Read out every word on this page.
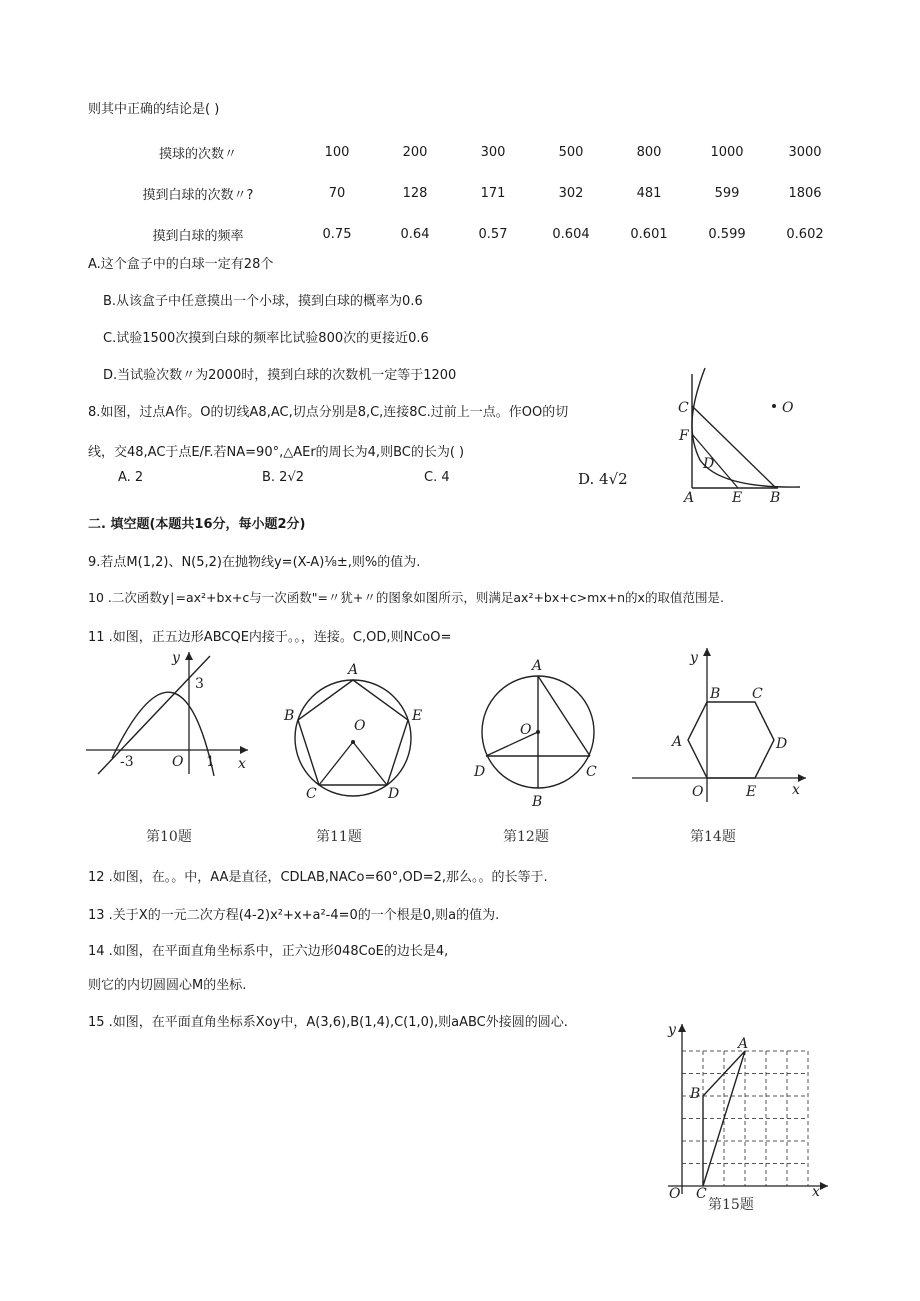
则其中正确的结论是( )
摸球的次数〃	100	200	300	500	800	1000	3000
摸到白球的次数〃?	70	128	171	302	481	599	1806
摸到白球的频率	0.75	0.64	0.57	0.604	0.601	0.599	0.602
A.这个盒子中的白球一定有28个
B.从该盒子中任意摸出一个小球，摸到白球的概率为0.6
C.试验1500次摸到白球的频率比试验800次的更接近0.6
D.当试验次数〃为2000时，摸到白球的次数机一定等于1200
8.如图，过点A作。O的切线A8,AC,切点分别是8,C,连接8C.过前上一点。作OO的切
线，交48,AC于点E/F.若NA=90°,△AEr的周长为4,则BC的长为( )
A. 2	B. 2√2	C. 4	D. 4√2
C	O
F
D
A	E B
二. 填空题(本题共16分，每小题2分)
9.若点M(1,2)、N(5,2)在抛物线y=(X-A)⅛±,则%的值为.
10 .二次函数y∣=ax²+bx+c与一次函数"=〃犹+〃的图象如图所示，则满足ax²+bx+c>mx+n的x的取值范围是.
11 .如图，正五边形ABCQE内接于。。，连接。C,OD,则NCoO=
y
x
3
-3	O 1
第10题
A
B	E
O
C	D
第11题
A
O
D	C
B
第12题
y
x
B C
A	D
O	E
第14题
12 .如图，在。。中，AA是直径，CDLAB,NACo=60°,OD=2,那么。。的长等于.
13 .关于X的一元二次方程(4-2)x²+x+a²-4=0的一个根是0,则a的值为.
14 .如图，在平面直角坐标系中，正六边形048CoE的边长是4,
则它的内切圆圆心M的坐标.
15 .如图，在平面直角坐标系Xoy中，A(3,6),B(1,4),C(1,0),则aABC外接圆的圆心.	y
x
A
B
C
O
第15题
